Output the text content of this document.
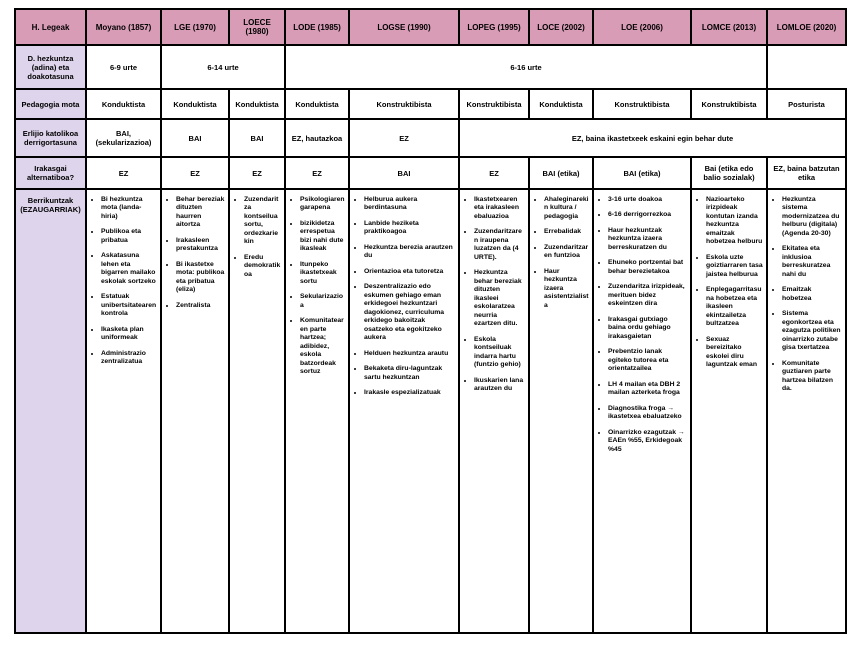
H. Legeak	Moyano (1857)	LGE (1970)	LOECE (1980)	LODE (1985)	LOGSE (1990)	LOPEG (1995)	LOCE (2002)	LOE (2006)	LOMCE (2013)	LOMLOE (2020)
D. hezkuntza (adina) eta doakotasuna	6-9 urte	6-14 urte		6-16 urte						
Pedagogia mota	Konduktista	Konduktista	Konduktista	Konduktista	Konstruktibista	Konstruktibista	Konduktista	Konstruktibista	Konstruktibista	Posturista
Erlijio katolikoa derrigortasuna	BAI, (sekularizazioa)	BAI	BAI	EZ, hautazkoa	EZ	EZ, baina ikastetxeek eskaini egin behar dute				
Irakasgai alternatiboa?	EZ	EZ	EZ	EZ	BAI	EZ	BAI (etika)	BAI (etika)	Bai (etika edo balio sozialak)	EZ, baina batzutan etika
Berrikuntzak (EZAUGARRIAK)	
• Bi hezkuntza mota (landa-hiria)
• Publikoa eta pribatua
• Askatasuna lehen eta bigarren mailako eskolak sortzeko
• Estatuak unibertsitatearen kontrola
• Ikasketa plan uniformeak
• Administrazio zentralizatua

• Behar bereziak dituzten haurren aitortza
• Irakasleen prestakuntza
• Bi ikastetxe mota: publikoa eta pribatua (eliza)
• Zentralista

• Zuzendaritza kontseilua sortu, ordezkariekin
• Eredu demokratikoa

• Psikologiaren garapena
• bizikidetza errespetua bizi nahi dute ikasleak
• Itunpeko ikastetxeak sortu
• Sekularizazioa
• Komunitatearen parte hartzea; adibidez, eskola batzordeak sortuz

• Helburua aukera berdintasuna
• Lanbide heziketa praktikoagoa
• Hezkuntza berezia arautzen du
• Orientazioa eta tutoretza
• Deszentralizazio edo eskumen gehiago eman erkidegoei hezkuntzari dagokionez, curriculuma erkidego bakoitzak osatzeko eta egokitzeko aukera
• Helduen hezkuntza arautu
• Bekaketa diru-laguntzak sartu hezkuntzan
• Irakasle espezializatuak

• Ikastetxearen eta irakasleen ebaluazioa
• Zuzendaritzaren iraupena luzatzen da (4 URTE).
• Hezkuntza behar bereziak dituzten ikasleei eskolaratzea neurria ezartzen ditu.
• Eskola kontseiluak indarra hartu (funtzio gehio)
• Ikuskarien lana arautzen du

• Ahaleginarekin kultura / pedagogia
• Errebalidak
• Zuzendaritzaren funtzioa
• Haur hezkuntza izaera asistentzialista

• 3-16 urte doakoa
• 6-16 derrigorrezkoa
• Haur hezkuntzak hezkuntza izaera berreskuratzen du
• Ehuneko portzentai bat behar berezietakoa
• Zuzendaritza irizpideak, merituen bidez eskeintzen dira
• Irakasgai gutxiago baina ordu gehiago irakasgaietan
• Prebentzio lanak egiteko tutorea eta orientatzailea
• LH 4 mailan eta DBH 2 mailan azterketa froga
• Diagnostika froga → ikastetxea ebaluatzeko
• Oinarrizko ezagutzak → EAEn %55, Erkidegoak %45

• Nazioarteko irizpideak kontutan izanda hezkuntza emaitzak hobetzea helburu
• Eskola uzte goiztiarraren tasa jaistea helburua
• Enplegagarritasuna hobetzea eta ikasleen ekintzailetza bultzatzea
• Sexuaz bereizitako eskolei diru laguntzak eman

• Hezkuntza sistema modernizatzea du helburu (digitala) (Agenda 20-30)
• Ekitatea eta inklusioa berreskuratzea nahi du
• Emaitzak hobetzea
• Sistema egonkortzea eta ezagutza politiken oinarrizko zutabe gisa txertatzea
• Komunitate guztiaren parte hartzea bilatzen da.
